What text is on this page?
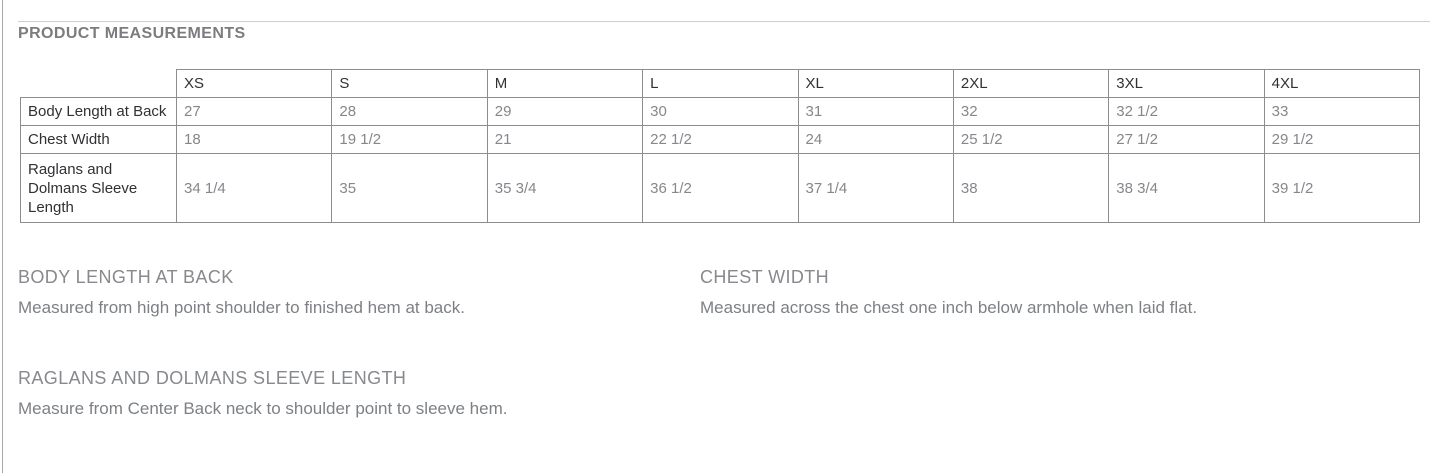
PRODUCT MEASUREMENTS
	XS	S	M	L	XL	2XL	3XL	4XL
Body Length at Back	27	28	29	30	31	32	32 1/2	33
Chest Width	18	19 1/2	21	22 1/2	24	25 1/2	27 1/2	29 1/2
Raglans and Dolmans Sleeve Length	34 1/4	35	35 3/4	36 1/2	37 1/4	38	38 3/4	39 1/2
BODY LENGTH AT BACK

Measured from high point shoulder to finished hem at back.

CHEST WIDTH

Measured across the chest one inch below armhole when laid flat.

RAGLANS AND DOLMANS SLEEVE LENGTH

Measure from Center Back neck to shoulder point to sleeve hem.
